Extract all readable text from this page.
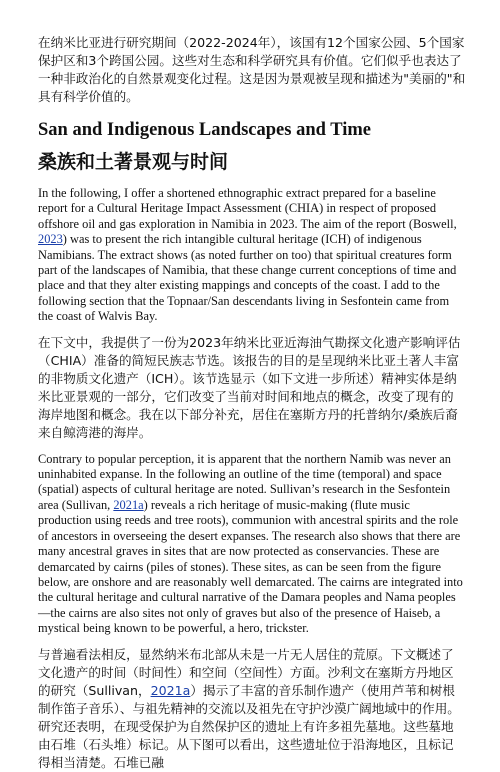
在纳米比亚进行研究期间（2022-2024年），该国有12个国家公园、5个国家保护区和3个跨国公园。这些对生态和科学研究具有价值。它们似乎也表达了一种非政治化的自然景观变化过程。这是因为景观被呈现和描述为"美丽的"和具有科学价值的。

San and Indigenous Landscapes and Time
桑族和土著景观与时间

In the following, I offer a shortened ethnographic extract prepared for a baseline report for a Cultural Heritage Impact Assessment (CHIA) in respect of proposed offshore oil and gas exploration in Namibia in 2023. The aim of the report (Boswell, 2023) was to present the rich intangible cultural heritage (ICH) of indigenous Namibians. The extract shows (as noted further on too) that spiritual creatures form part of the landscapes of Namibia, that these change current conceptions of time and place and that they alter existing mappings and concepts of the coast. I add to the following section that the Topnaar/San descendants living in Sesfontein came from the coast of Walvis Bay.

在下文中，我提供了一份为2023年纳米比亚近海油气勘探文化遗产影响评估（CHIA）准备的简短民族志节选。该报告的目的是呈现纳米比亚土著人丰富的非物质文化遗产（ICH）。该节选显示（如下文进一步所述）精神实体是纳米比亚景观的一部分，它们改变了当前对时间和地点的概念，改变了现有的海岸地图和概念。我在以下部分补充，居住在塞斯方丹的托普纳尔/桑族后裔来自鲸湾港的海岸。

Contrary to popular perception, it is apparent that the northern Namib was never an uninhabited expanse. In the following an outline of the time (temporal) and space (spatial) aspects of cultural heritage are noted. Sullivan’s research in the Sesfontein area (Sullivan, 2021a) reveals a rich heritage of music-making (flute music production using reeds and tree roots), communion with ancestral spirits and the role of ancestors in overseeing the desert expanses. The research also shows that there are many ancestral graves in sites that are now protected as conservancies. These are demarcated by cairns (piles of stones). These sites, as can be seen from the figure below, are onshore and are reasonably well demarcated. The cairns are integrated into the cultural heritage and cultural narrative of the Damara peoples and Nama peoples—the cairns are also sites not only of graves but also of the presence of Haiseb, a mystical being known to be powerful, a hero, trickster.

与普遍看法相反，显然纳米布北部从未是一片无人居住的荒原。下文概述了文化遗产的时间（时间性）和空间（空间性）方面。沙利文在塞斯方丹地区的研究（Sullivan，2021a）揭示了丰富的音乐制作遗产（使用芦苇和树根制作笛子音乐）、与祖先精神的交流以及祖先在守护沙漠广阔地域中的作用。研究还表明，在现受保护为自然保护区的遗址上有许多祖先墓地。这些墓地由石堆（石头堆）标记。从下图可以看出，这些遗址位于沿海地区，且标记得相当清楚。石堆已融
